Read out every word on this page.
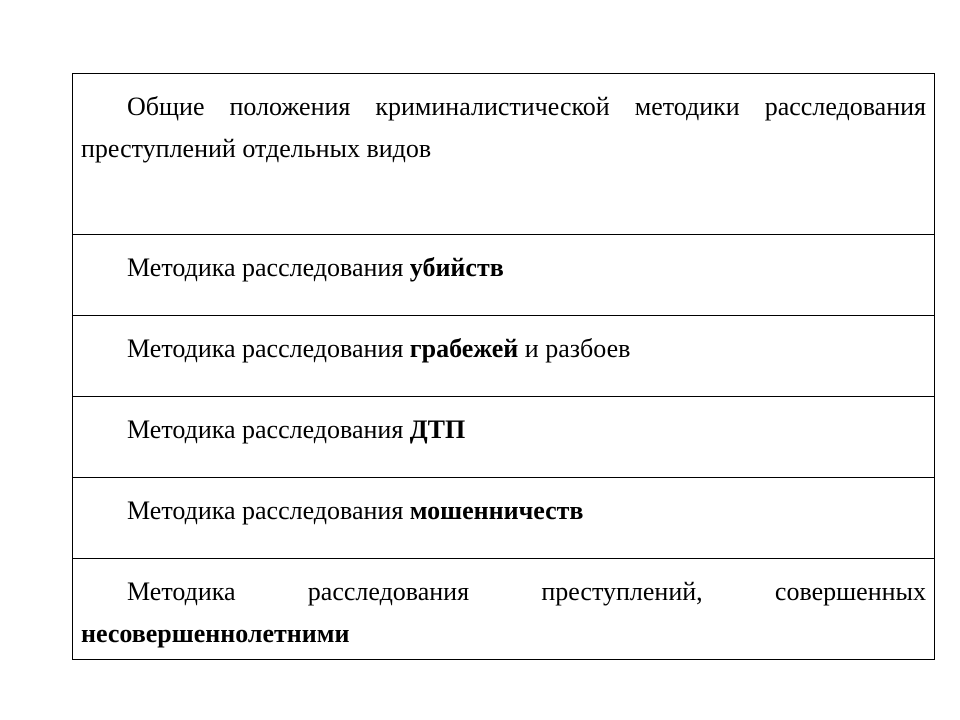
Общие положения криминалистической методики расследования преступлений отдельных видов
Методика расследования убийств
Методика расследования грабежей и разбоев
Методика расследования ДТП
Методика расследования мошенничеств
Методика расследования преступлений, совершенных несовершеннолетними
